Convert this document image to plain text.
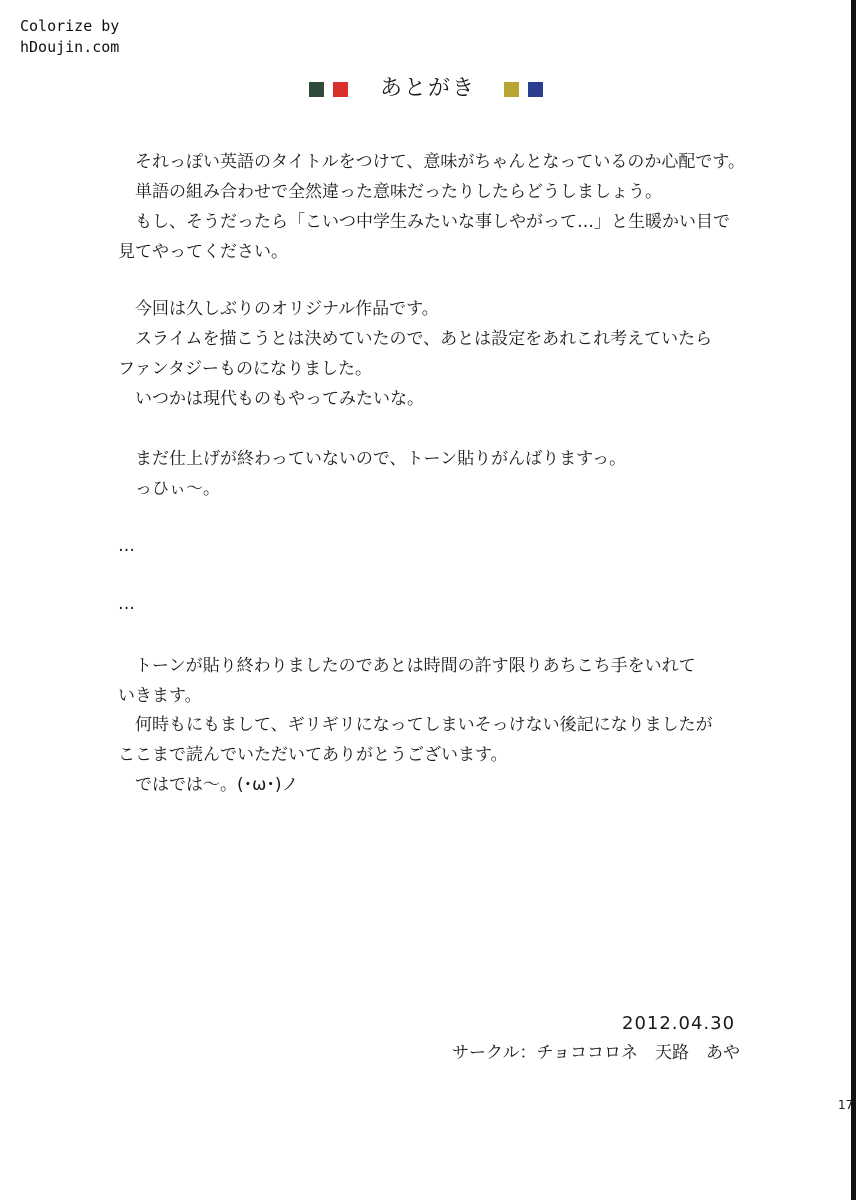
Colorize by
hDoujin.com
あとがき
　それっぽい英語のタイトルをつけて、意味がちゃんとなっているのか心配です。
　単語の組み合わせで全然違った意味だったりしたらどうしましょう。
　もし、そうだったら「こいつ中学生みたいな事しやがって…」と生暖かい目で
見てやってください。
　今回は久しぶりのオリジナル作品です。
　スライムを描こうとは決めていたので、あとは設定をあれこれ考えていたら
ファンタジーものになりました。
　いつかは現代ものもやってみたいな。
　まだ仕上げが終わっていないので、トーン貼りがんばりますっ。
　っひぃ〜。
…
…
　トーンが貼り終わりましたのであとは時間の許す限りあちこち手をいれて
いきます。
　何時もにもまして、ギリギリになってしまいそっけない後記になりましたが
ここまで読んでいただいてありがとうございます。
　ではでは〜。(･ω･)ノ
2012.04.30
サークル：チョココロネ　天路　あや
17
